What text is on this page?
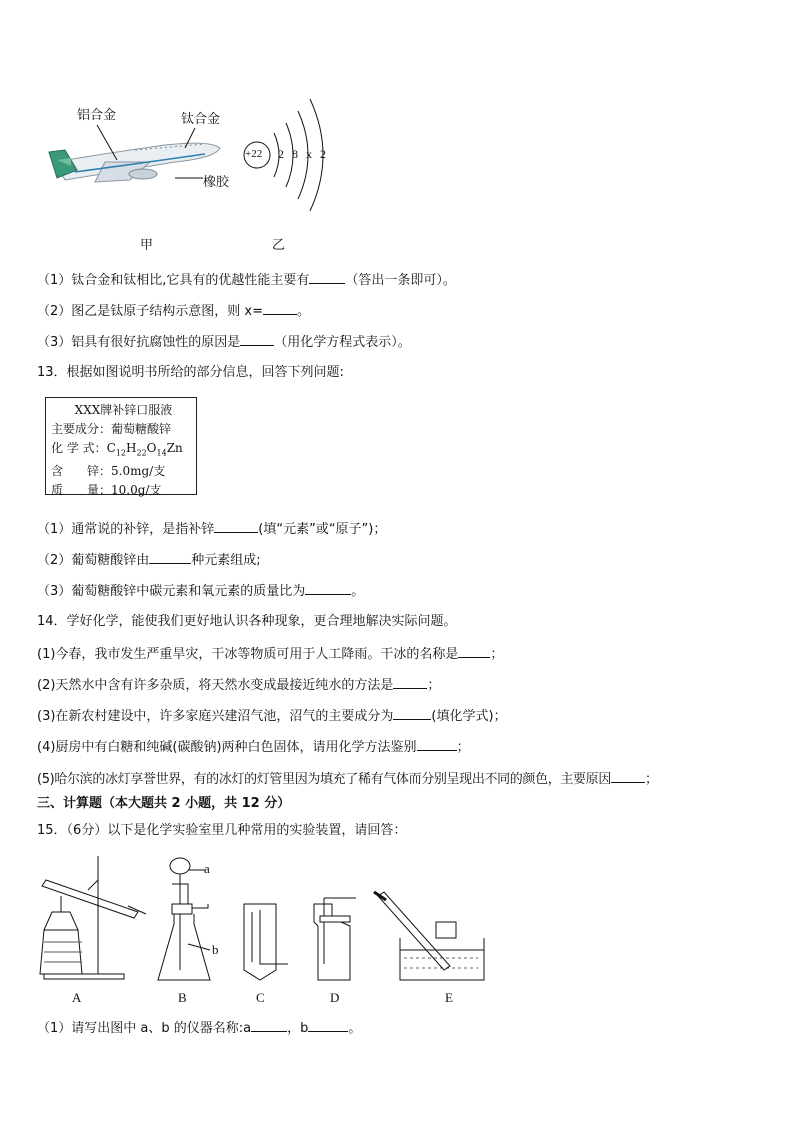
铝合金	钛合金
橡胶
+22 2 8 x 2
甲	乙
（1）钛合金和钛相比,它具有的优越性能主要有	（答出一条即可）。
（2）图乙是钛原子结构示意图，则 x=	。
（3）铝具有很好抗腐蚀性的原因是	（用化学方程式表示）。
13．根据如图说明书所给的部分信息，回答下列问题:
XXX牌补锌口服液
主要成分：葡萄糖酸锌
化 学 式：$C_{12}H_{22}O_{14}Zn$
含　　锌：5.0mg/支
质　　量：10.0g/支
（1）通常说的补锌，是指补锌	(填“元素”或“原子”)；
（2）葡萄糖酸锌由	种元素组成;
（3）葡萄糖酸锌中碳元素和氧元素的质量比为	。
14．学好化学，能使我们更好地认识各种现象，更合理地解决实际问题。
(1)今春，我市发生严重旱灾，干冰等物质可用于人工降雨。干冰的名称是 ；
(2)天然水中含有许多杂质，将天然水变成最接近纯水的方法是	；
(3)在新农村建设中，许多家庭兴建沼气池，沼气的主要成分为	(填化学式)；
(4)厨房中有白糖和纯碱(碳酸钠)两种白色固体，请用化学方法鉴别	；
(5)哈尔滨的冰灯享誉世界，有的冰灯的灯管里因为填充了稀有气体而分别呈现出不同的颜色，主要原因	；
三、计算题（本大题共 2 小题，共 12 分）
15．（6分）以下是化学实验室里几种常用的实验装置，请回答：
a
b
A	B	C	D	E
（1）请写出图中 a、b 的仪器名称:a	，b	。
